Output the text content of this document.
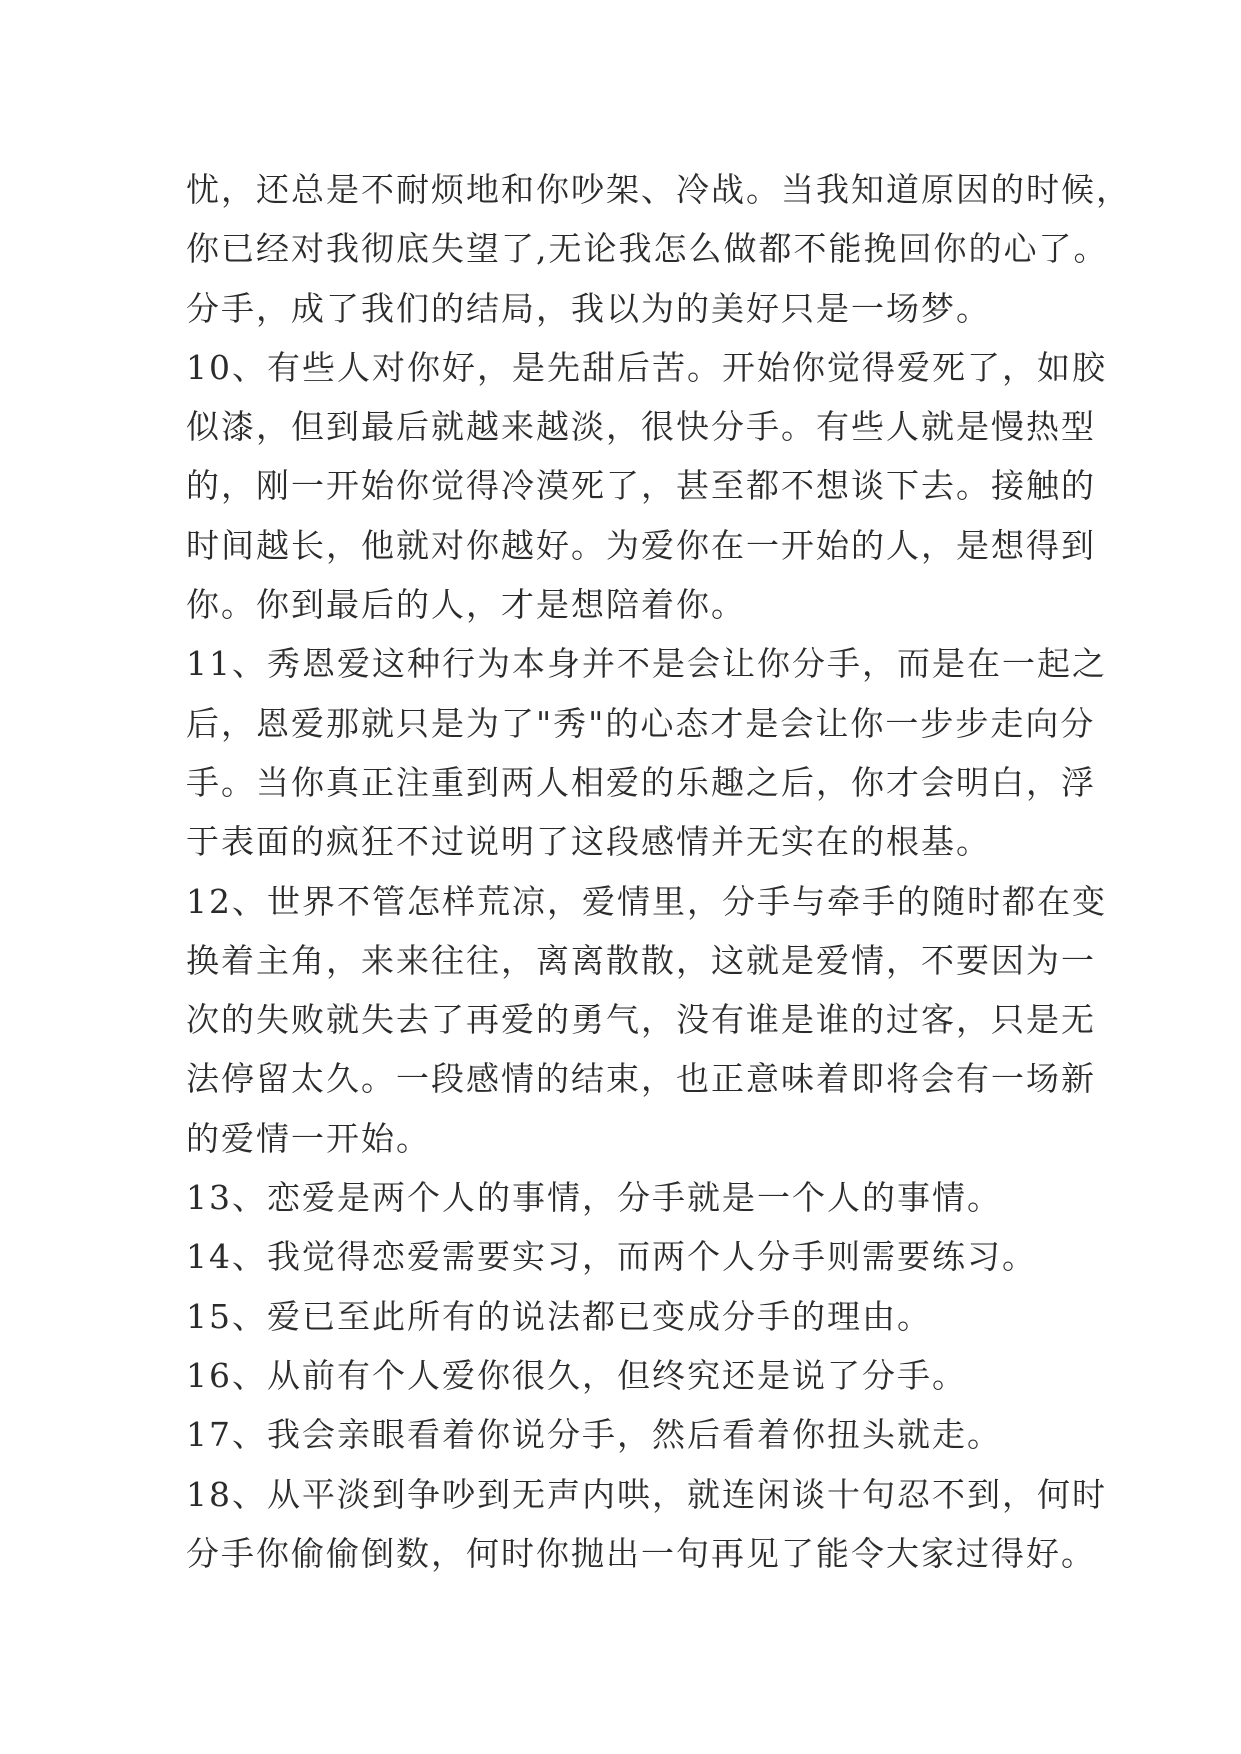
忧，还总是不耐烦地和你吵架、冷战。当我知道原因的时候，
你已经对我彻底失望了,无论我怎么做都不能挽回你的心了。
分手，成了我们的结局，我以为的美好只是一场梦。
10、有些人对你好，是先甜后苦。开始你觉得爱死了，如胶
似漆，但到最后就越来越淡，很快分手。有些人就是慢热型
的，刚一开始你觉得冷漠死了，甚至都不想谈下去。接触的
时间越长，他就对你越好。为爱你在一开始的人，是想得到
你。你到最后的人，才是想陪着你。
11、秀恩爱这种行为本身并不是会让你分手，而是在一起之
后，恩爱那就只是为了"秀"的心态才是会让你一步步走向分
手。当你真正注重到两人相爱的乐趣之后，你才会明白，浮
于表面的疯狂不过说明了这段感情并无实在的根基。
12、世界不管怎样荒凉，爱情里，分手与牵手的随时都在变
换着主角，来来往往，离离散散，这就是爱情，不要因为一
次的失败就失去了再爱的勇气，没有谁是谁的过客，只是无
法停留太久。一段感情的结束，也正意味着即将会有一场新
的爱情一开始。
13、恋爱是两个人的事情，分手就是一个人的事情。
14、我觉得恋爱需要实习，而两个人分手则需要练习。
15、爱已至此所有的说法都已变成分手的理由。
16、从前有个人爱你很久，但终究还是说了分手。
17、我会亲眼看着你说分手，然后看着你扭头就走。
18、从平淡到争吵到无声内哄，就连闲谈十句忍不到，何时
分手你偷偷倒数，何时你抛出一句再见了能令大家过得好。
